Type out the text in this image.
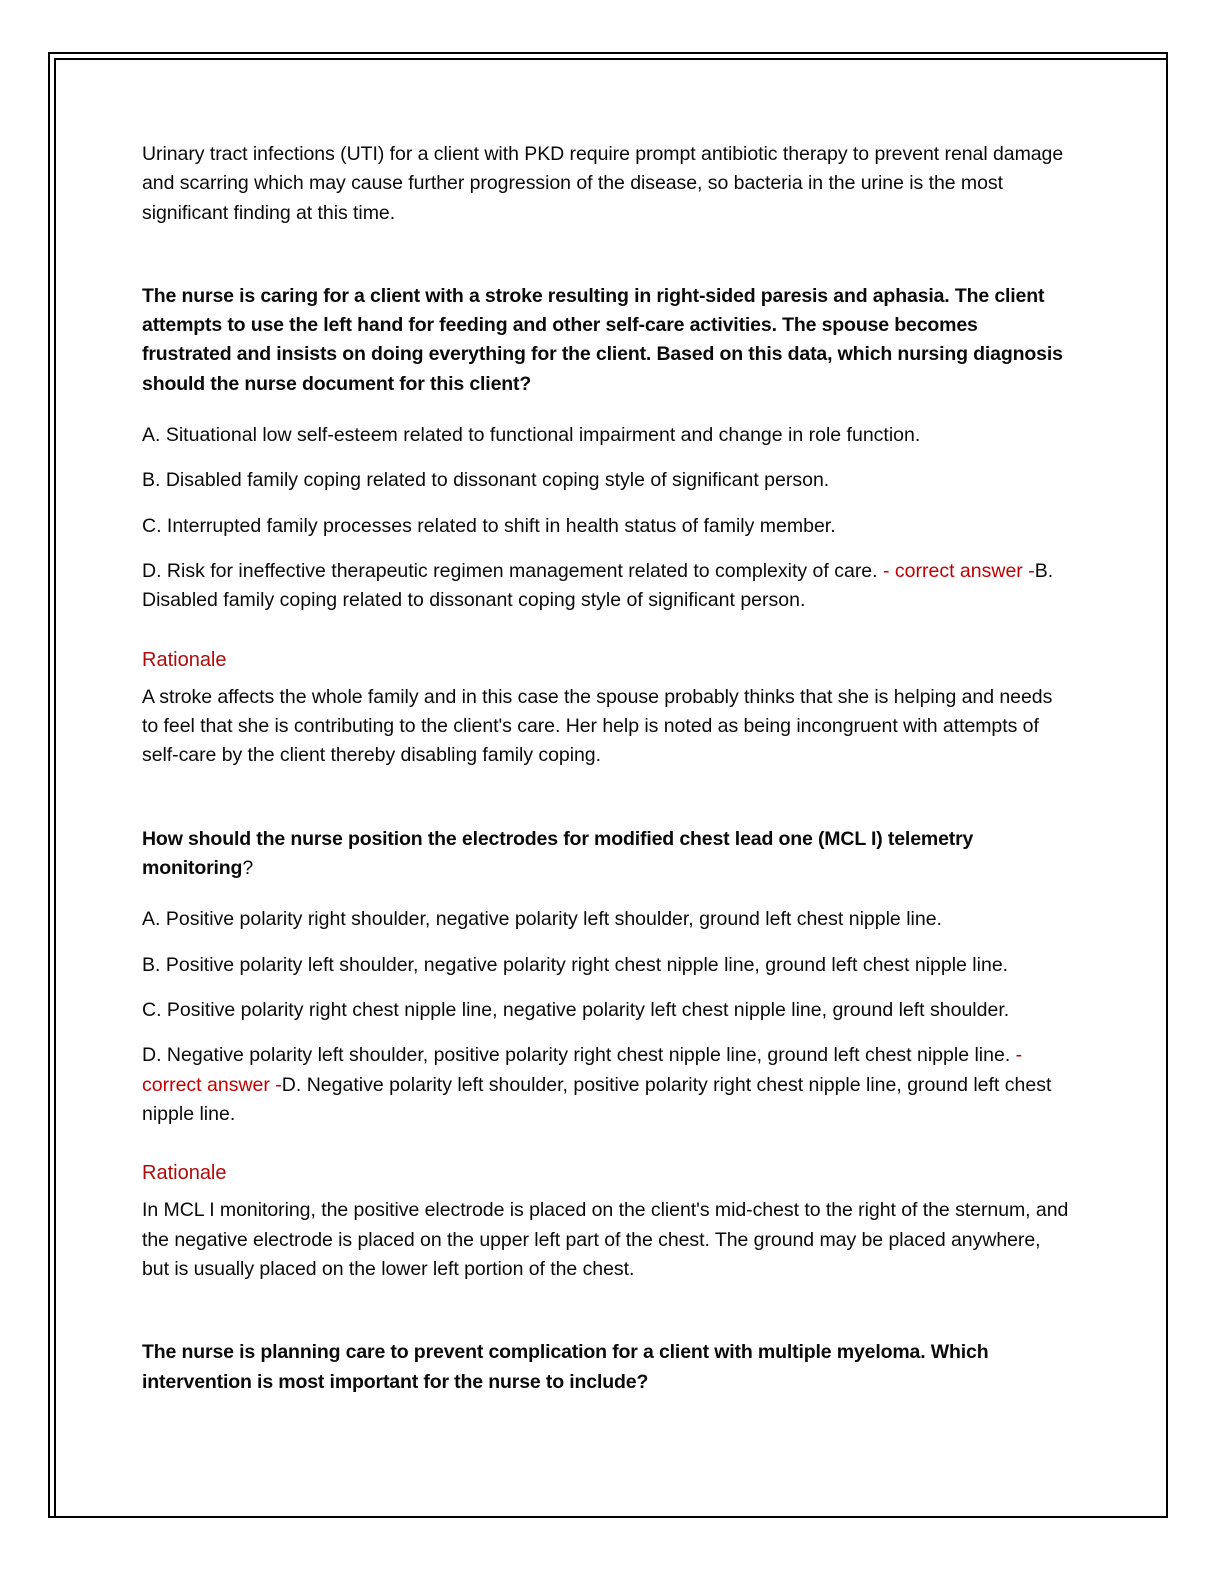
Urinary tract infections (UTI) for a client with PKD require prompt antibiotic therapy to prevent renal damage and scarring which may cause further progression of the disease, so bacteria in the urine is the most significant finding at this time.

The nurse is caring for a client with a stroke resulting in right-sided paresis and aphasia. The client attempts to use the left hand for feeding and other self-care activities. The spouse becomes frustrated and insists on doing everything for the client. Based on this data, which nursing diagnosis should the nurse document for this client?

A. Situational low self-esteem related to functional impairment and change in role function.

B. Disabled family coping related to dissonant coping style of significant person.

C. Interrupted family processes related to shift in health status of family member.

D. Risk for ineffective therapeutic regimen management related to complexity of care. - correct answer -B. Disabled family coping related to dissonant coping style of significant person.

Rationale

A stroke affects the whole family and in this case the spouse probably thinks that she is helping and needs to feel that she is contributing to the client's care. Her help is noted as being incongruent with attempts of self-care by the client thereby disabling family coping.

How should the nurse position the electrodes for modified chest lead one (MCL I) telemetry monitoring?

A. Positive polarity right shoulder, negative polarity left shoulder, ground left chest nipple line.

B. Positive polarity left shoulder, negative polarity right chest nipple line, ground left chest nipple line.

C. Positive polarity right chest nipple line, negative polarity left chest nipple line, ground left shoulder.

D. Negative polarity left shoulder, positive polarity right chest nipple line, ground left chest nipple line. - correct answer -D. Negative polarity left shoulder, positive polarity right chest nipple line, ground left chest nipple line.

Rationale

In MCL I monitoring, the positive electrode is placed on the client's mid-chest to the right of the sternum, and the negative electrode is placed on the upper left part of the chest. The ground may be placed anywhere, but is usually placed on the lower left portion of the chest.

The nurse is planning care to prevent complication for a client with multiple myeloma. Which intervention is most important for the nurse to include?
